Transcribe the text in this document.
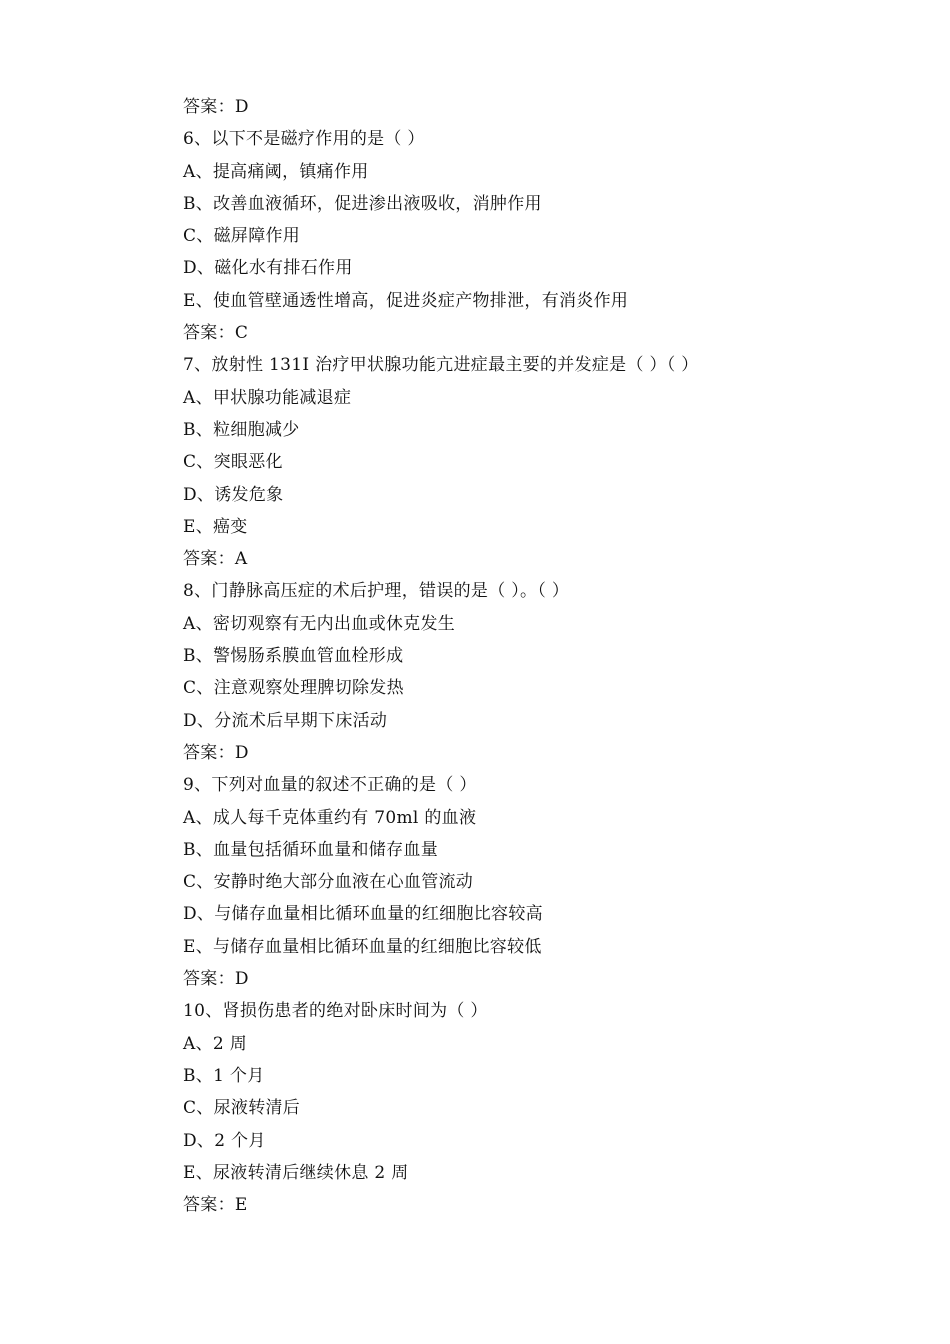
答案：D
6、以下不是磁疗作用的是（ ）
A、提高痛阈，镇痛作用
B、改善血液循环，促进渗出液吸收，消肿作用
C、磁屏障作用
D、磁化水有排石作用
E、使血管壁通透性增高，促进炎症产物排泄，有消炎作用
答案：C
7、放射性 131I 治疗甲状腺功能亢进症最主要的并发症是（ ）（ ）
A、甲状腺功能减退症
B、粒细胞减少
C、突眼恶化
D、诱发危象
E、癌变
答案：A
8、门静脉高压症的术后护理，错误的是（ ）。（ ）
A、密切观察有无内出血或休克发生
B、警惕肠系膜血管血栓形成
C、注意观察处理脾切除发热
D、分流术后早期下床活动
答案：D
9、下列对血量的叙述不正确的是（ ）
A、成人每千克体重约有 70ml 的血液
B、血量包括循环血量和储存血量
C、安静时绝大部分血液在心血管流动
D、与储存血量相比循环血量的红细胞比容较高
E、与储存血量相比循环血量的红细胞比容较低
答案：D
10、肾损伤患者的绝对卧床时间为（ ）
A、2 周
B、1 个月
C、尿液转清后
D、2 个月
E、尿液转清后继续休息 2 周
答案：E
